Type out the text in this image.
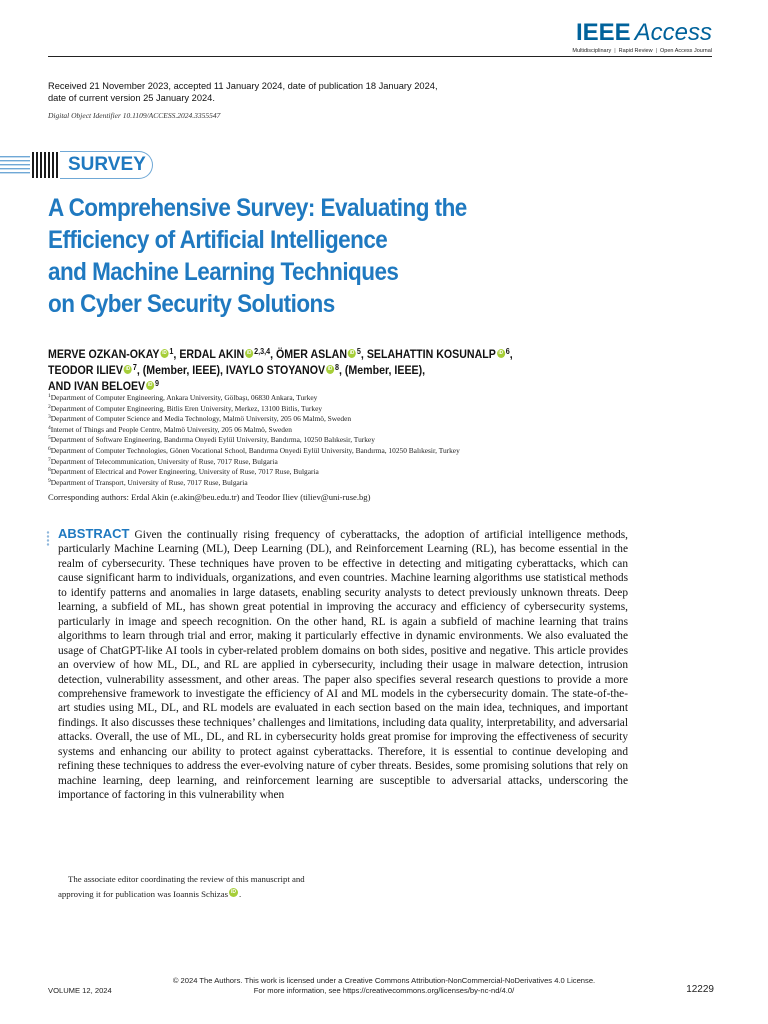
IEEE Access
Multidisciplinary | Rapid Review | Open Access Journal
Received 21 November 2023, accepted 11 January 2024, date of publication 18 January 2024,
date of current version 25 January 2024.
Digital Object Identifier 10.1109/ACCESS.2024.3355547
SURVEY
A Comprehensive Survey: Evaluating the
Efficiency of Artificial Intelligence
and Machine Learning Techniques
on Cyber Security Solutions
MERVE OZKAN-OKAY iD $^1$, ERDAL AKIN iD $^{2,3,4}$, ÖMER ASLAN iD $^5$, SELAHATTIN KOSUNALP iD $^6$,
TEODOR ILIEV iD $^7$, (Member, IEEE), IVAYLO STOYANOV iD $^8$, (Member, IEEE),
AND IVAN BELOEV iD $^9$
$^1$Department of Computer Engineering, Ankara University, Gölbaşı, 06830 Ankara, Turkey
$^2$Department of Computer Engineering, Bitlis Eren University, Merkez, 13100 Bitlis, Turkey
$^3$Department of Computer Science and Media Technology, Malmö University, 205 06 Malmö, Sweden
$^4$Internet of Things and People Centre, Malmö University, 205 06 Malmö, Sweden
$^5$Department of Software Engineering, Bandırma Onyedi Eylül University, Bandırma, 10250 Balıkesir, Turkey
$^6$Department of Computer Technologies, Gönen Vocational School, Bandırma Onyedi Eylül University, Bandırma, 10250 Balıkesir, Turkey
$^7$Department of Telecommunication, University of Ruse, 7017 Ruse, Bulgaria
$^8$Department of Electrical and Power Engineering, University of Ruse, 7017 Ruse, Bulgaria
$^9$Department of Transport, University of Ruse, 7017 Ruse, Bulgaria
Corresponding authors: Erdal Akin (e.akin@beu.edu.tr) and Teodor Iliev (tiliev@uni-ruse.bg)

ABSTRACT Given the continually rising frequency of cyberattacks, the adoption of artificial intelligence methods, particularly Machine Learning (ML), Deep Learning (DL), and Reinforcement Learning (RL), has become essential in the realm of cybersecurity. These techniques have proven to be effective in detecting and mitigating cyberattacks, which can cause significant harm to individuals, organizations, and even countries. Machine learning algorithms use statistical methods to identify patterns and anomalies in large datasets, enabling security analysts to detect previously unknown threats. Deep learning, a subfield of ML, has shown great potential in improving the accuracy and efficiency of cybersecurity systems, particularly in image and speech recognition. On the other hand, RL is again a subfield of machine learning that trains algorithms to learn through trial and error, making it particularly effective in dynamic environments. We also evaluated the usage of ChatGPT-like AI tools in cyber-related problem domains on both sides, positive and negative. This article provides an overview of how ML, DL, and RL are applied in cybersecurity, including their usage in malware detection, intrusion detection, vulnerability assessment, and other areas. The paper also specifies several research questions to provide a more comprehensive framework to investigate the efficiency of AI and ML models in the cybersecurity domain. The state-of-the-art studies using ML, DL, and RL models are evaluated in each section based on the main idea, techniques, and important findings. It also discusses these techniques’ challenges and limitations, including data quality, interpretability, and adversarial attacks. Overall, the use of ML, DL, and RL in cybersecurity holds great promise for improving the effectiveness of security systems and enhancing our ability to protect against cyberattacks. Therefore, it is essential to continue developing and refining these techniques to address the ever-evolving nature of cyber threats. Besides, some promising solutions that rely on machine learning, deep learning, and reinforcement learning are susceptible to adversarial attacks, underscoring the importance of factoring in this vulnerability when

The associate editor coordinating the review of this manuscript and
approving it for publication was Ioannis Schizas iD .
© 2024 The Authors. This work is licensed under a Creative Commons Attribution-NonCommercial-NoDerivatives 4.0 License.
For more information, see https://creativecommons.org/licenses/by-nc-nd/4.0/
VOLUME 12, 2024	12229
